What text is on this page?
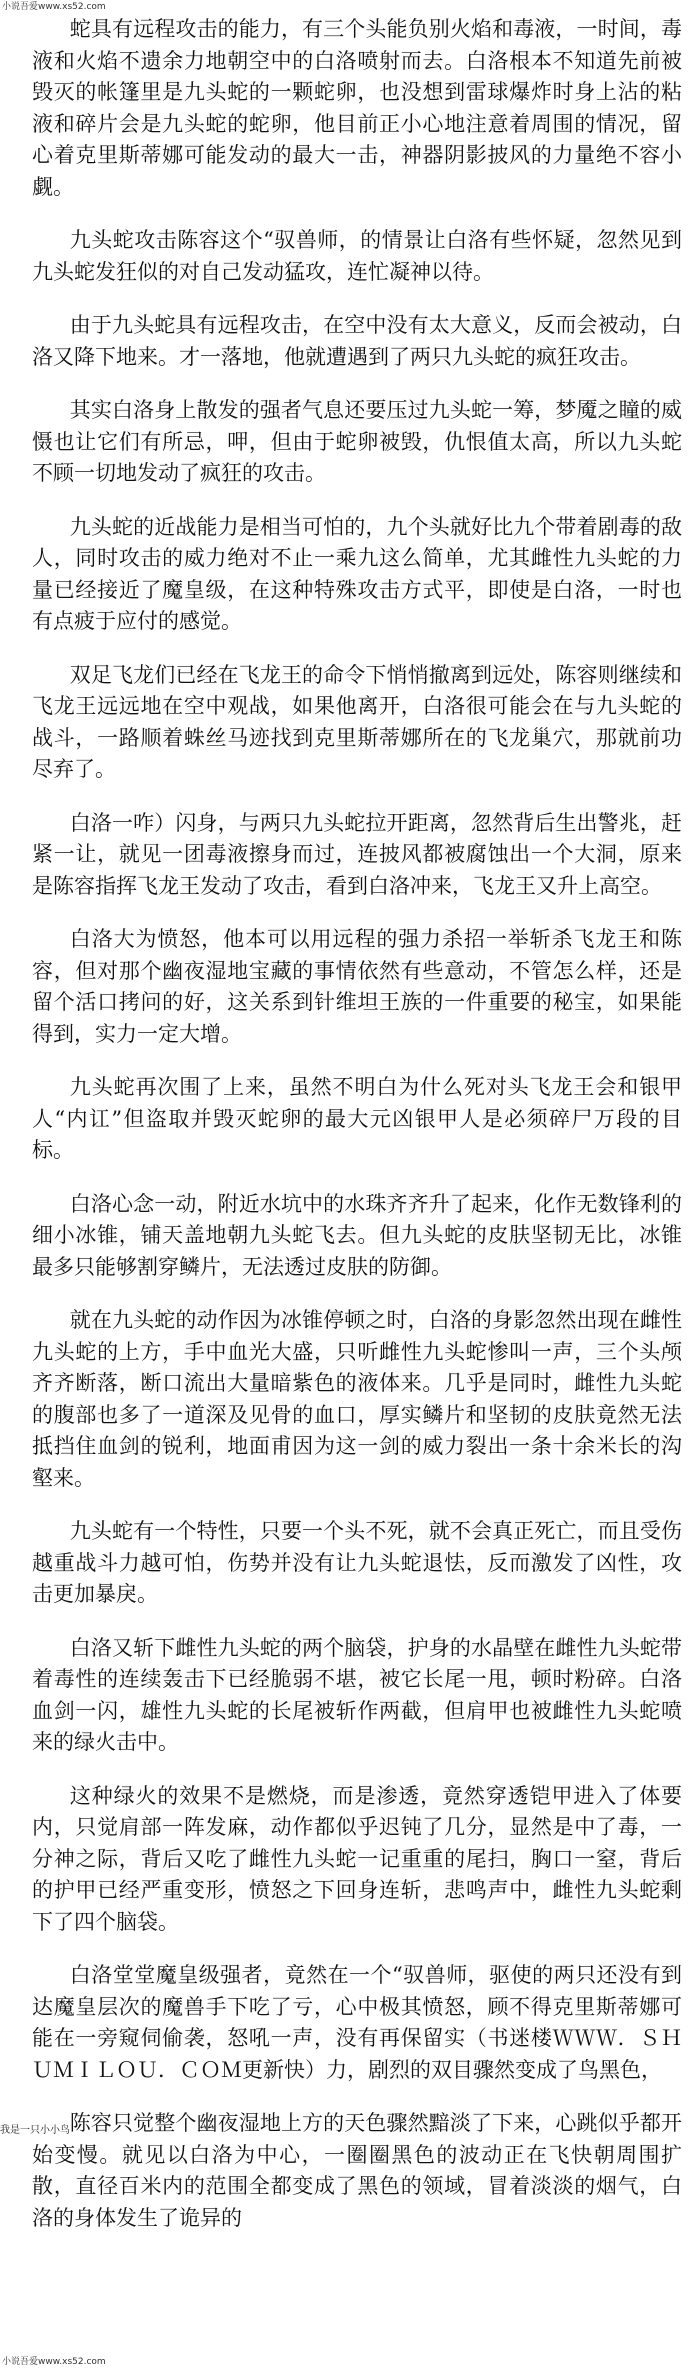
小说吾爱www.xs52.com

蛇具有远程攻击的能力，有三个头能负别火焰和毒液，一时间，毒液和火焰不遗余力地朝空中的白洛喷射而去。白洛根本不知道先前被毁灭的帐篷里是九头蛇的一颗蛇卵，也没想到雷球爆炸时身上沾的粘液和碎片会是九头蛇的蛇卵，他目前正小心地注意着周围的情况，留心着克里斯蒂娜可能发动的最大一击，神器阴影披风的力量绝不容小觑。

九头蛇攻击陈容这个“驭兽师，的情景让白洛有些怀疑，忽然见到九头蛇发狂似的对自己发动猛攻，连忙凝神以待。

由于九头蛇具有远程攻击，在空中没有太大意义，反而会被动，白洛又降下地来。才一落地，他就遭遇到了两只九头蛇的疯狂攻击。

其实白洛身上散发的强者气息还要压过九头蛇一筹，梦魇之瞳的威慑也让它们有所忌，呷，但由于蛇卵被毁，仇恨值太高，所以九头蛇不顾一切地发动了疯狂的攻击。

九头蛇的近战能力是相当可怕的，九个头就好比九个带着剧毒的敌人，同时攻击的威力绝对不止一乘九这么简单，尤其雌性九头蛇的力量已经接近了魔皇级，在这种特殊攻击方式平，即使是白洛，一时也有点疲于应付的感觉。

双足飞龙们已经在飞龙王的命令下悄悄撤离到远处，陈容则继续和飞龙王远远地在空中观战，如果他离开，白洛很可能会在与九头蛇的战斗，一路顺着蛛丝马迹找到克里斯蒂娜所在的飞龙巢穴，那就前功尽弃了。

白洛一咋）闪身，与两只九头蛇拉开距离，忽然背后生出警兆，赶紧一让，就见一团毒液擦身而过，连披风都被腐蚀出一个大洞，原来是陈容指挥飞龙王发动了攻击，看到白洛冲来，飞龙王又升上高空。

白洛大为愤怒，他本可以用远程的强力杀招一举斩杀飞龙王和陈容，但对那个幽夜湿地宝藏的事情依然有些意动，不管怎么样，还是留个活口拷问的好，这关系到针维坦王族的一件重要的秘宝，如果能得到，实力一定大增。

九头蛇再次围了上来，虽然不明白为什么死对头飞龙王会和银甲人“内讧”但盗取并毁灭蛇卵的最大元凶银甲人是必须碎尸万段的目标。

白洛心念一动，附近水坑中的水珠齐齐升了起来，化作无数锋利的细小冰锥，铺天盖地朝九头蛇飞去。但九头蛇的皮肤坚韧无比，冰锥最多只能够割穿鳞片，无法透过皮肤的防御。

就在九头蛇的动作因为冰锥停顿之时，白洛的身影忽然出现在雌性九头蛇的上方，手中血光大盛，只听雌性九头蛇惨叫一声，三个头颅齐齐断落，断口流出大量暗紫色的液体来。几乎是同时，雌性九头蛇的腹部也多了一道深及见骨的血口，厚实鳞片和坚韧的皮肤竟然无法抵挡住血剑的锐利，地面甫因为这一剑的威力裂出一条十余米长的沟壑来。

九头蛇有一个特性，只要一个头不死，就不会真正死亡，而且受伤越重战斗力越可怕，伤势并没有让九头蛇退怯，反而激发了凶性，攻击更加暴戾。

白洛又斩下雌性九头蛇的两个脑袋，护身的水晶壁在雌性九头蛇带着毒性的连续轰击下已经脆弱不堪，被它长尾一甩，顿时粉碎。白洛血剑一闪，雄性九头蛇的长尾被斩作两截，但肩甲也被雌性九头蛇喷来的绿火击中。

这种绿火的效果不是燃烧，而是渗透，竟然穿透铠甲进入了体要内，只觉肩部一阵发麻，动作都似乎迟钝了几分，显然是中了毒，一分神之际，背后又吃了雌性九头蛇一记重重的尾扫，胸口一窒，背后的护甲已经严重变形，愤怒之下回身连斩，悲鸣声中，雌性九头蛇剩下了四个脑袋。

白洛堂堂魔皇级强者，竟然在一个“驭兽师，驱使的两只还没有到达魔皇层次的魔兽手下吃了亏，心中极其愤怒，顾不得克里斯蒂娜可能在一旁窥伺偷袭，怒吼一声，没有再保留实（书迷楼ＷＷＷ．ＳＨＵＭＩＬＯＵ．ＣＯＭ更新快）力，剧烈的双目骤然变成了鸟黑色，

陈容只觉整个幽夜湿地上方的天色骤然黯淡了下来，心跳似乎都开始变慢。就见以白洛为中心，一圈圈黑色的波动正在飞快朝周围扩散，直径百米内的范围全都变成了黑色的领域，冒着淡淡的烟气，白洛的身体发生了诡异的

我是一只小小鸟
小说吾爱www.xs52.com
